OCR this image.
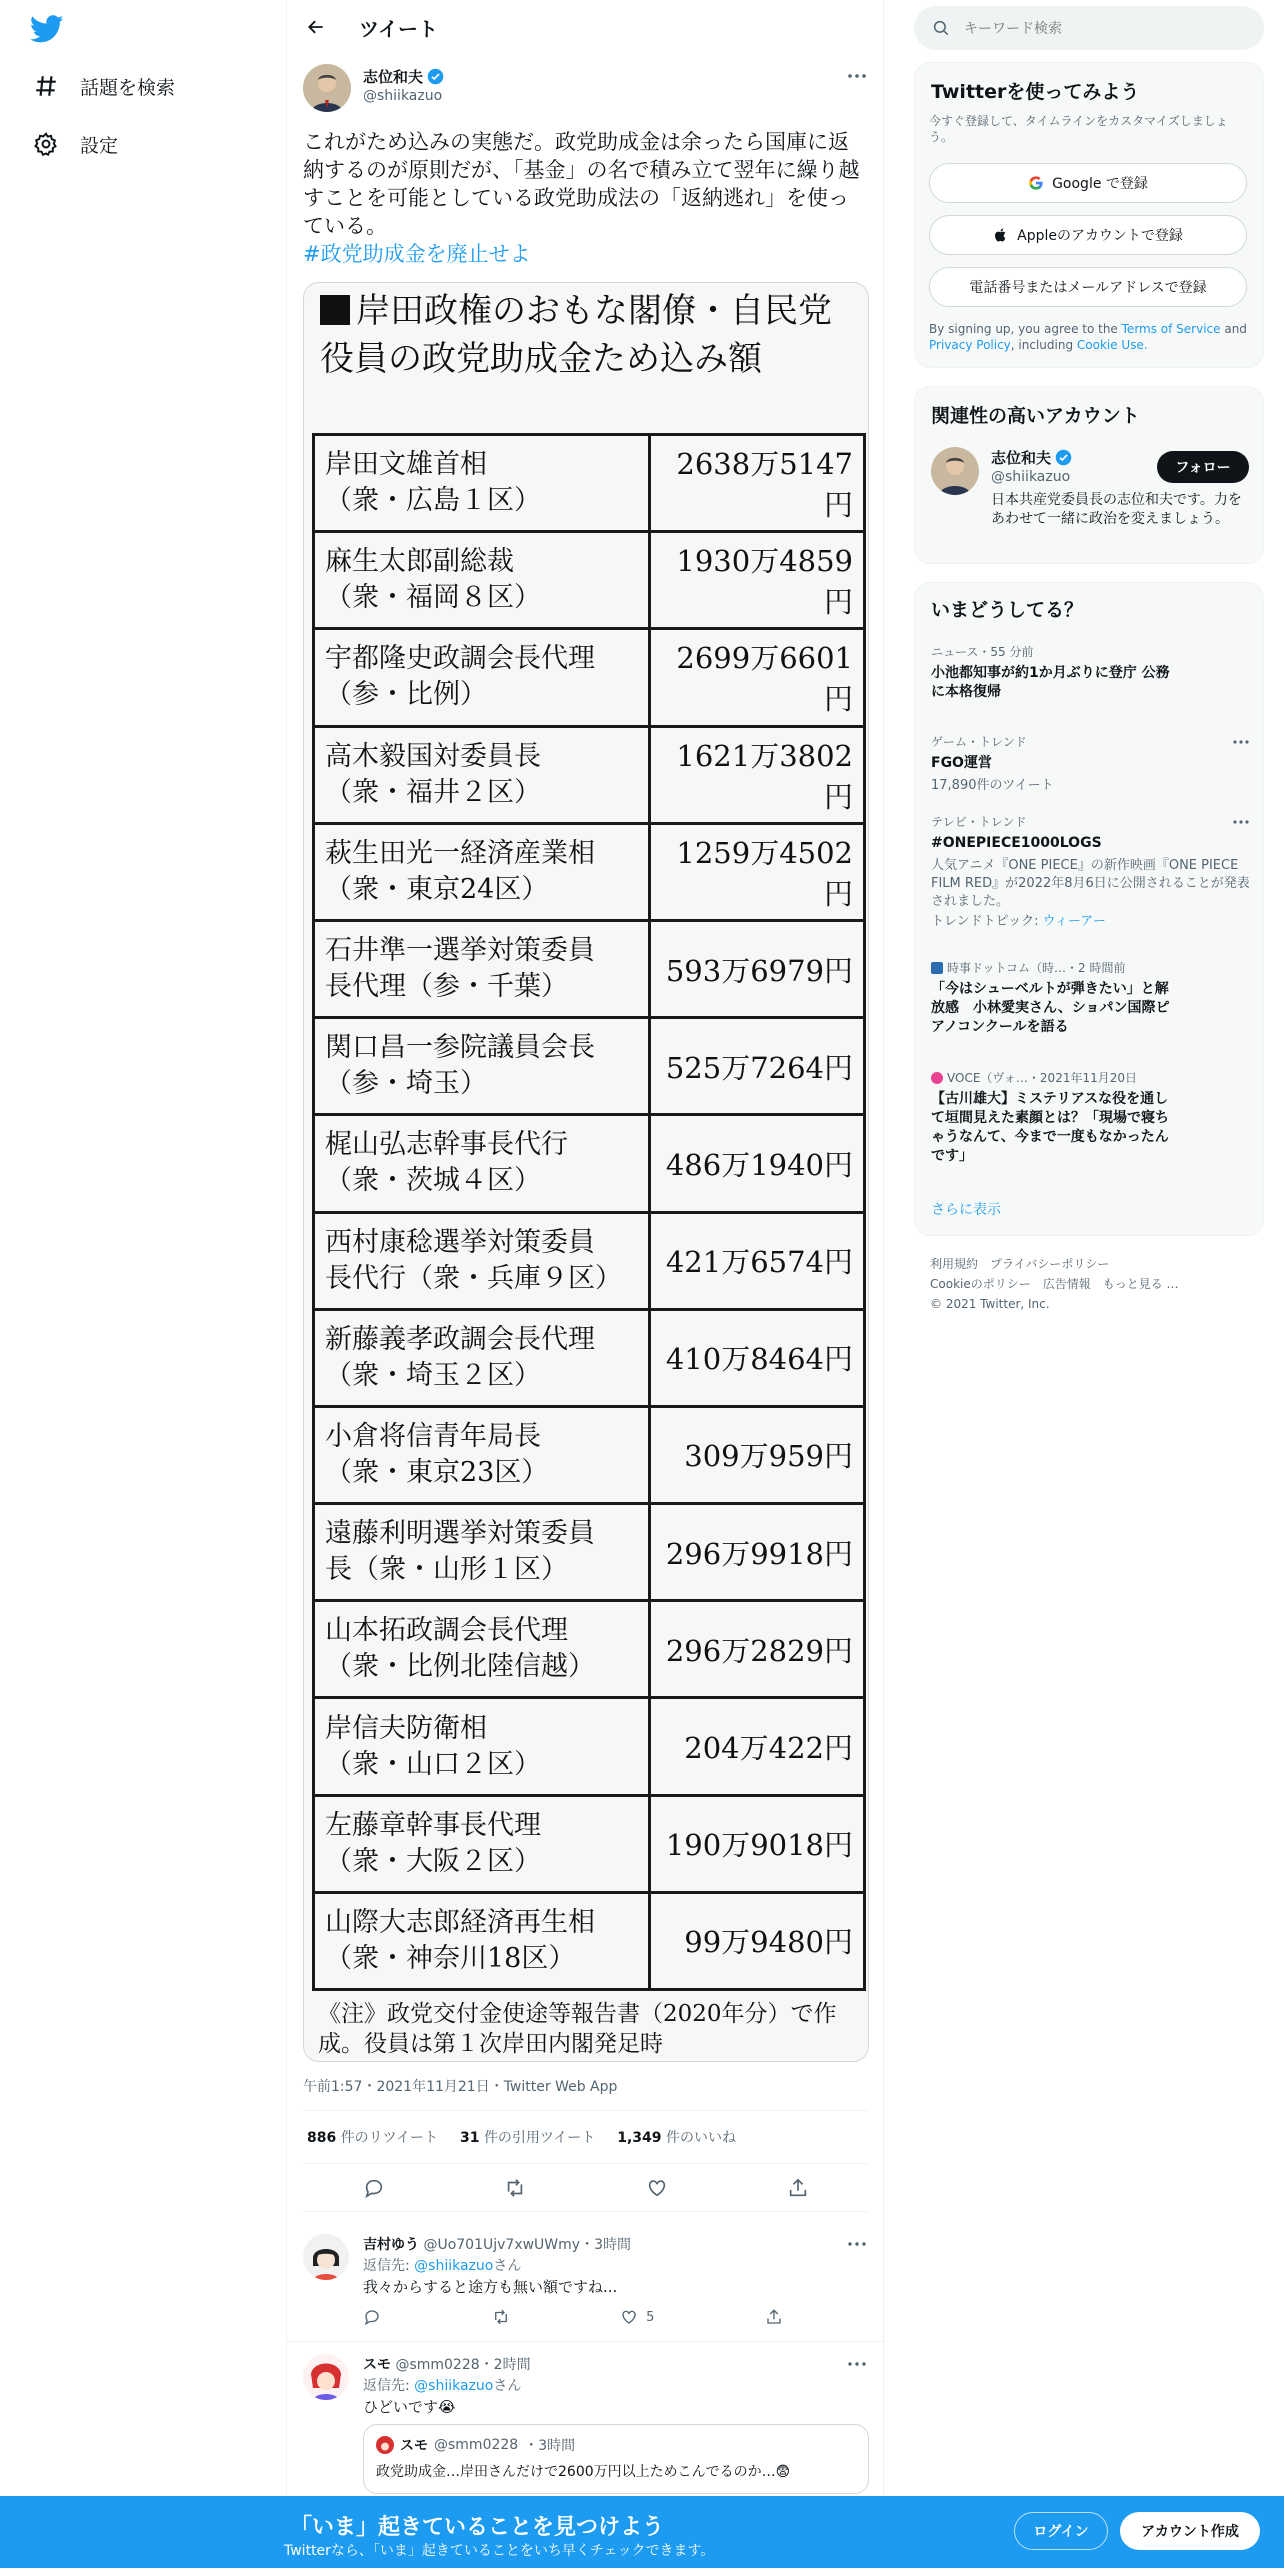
話題を検索
設定
ツイート
志位和夫
@shiikazuo
これがため込みの実態だ。政党助成金は余ったら国庫に返納するのが原則だが、「基金」の名で積み立て翌年に繰り越すことを可能としている政党助成法の「返納逃れ」を使っている。
#政党助成金を廃止せよ
岸田政権のおもな閣僚・自民党役員の政党助成金ため込み額
岸田文雄首相
（衆・広島１区）	2638万5147円

麻生太郎副総裁
（衆・福岡８区）	1930万4859円

宇都隆史政調会長代理
（参・比例）	2699万6601円

高木毅国対委員長
（衆・福井２区）	1621万3802円

萩生田光一経済産業相
（衆・東京24区）	1259万4502円

石井準一選挙対策委員
長代理（参・千葉）	593万6979円

関口昌一参院議員会長
（参・埼玉）	525万7264円

梶山弘志幹事長代行
（衆・茨城４区）	486万1940円

西村康稔選挙対策委員
長代行（衆・兵庫９区）	421万6574円

新藤義孝政調会長代理
（衆・埼玉２区）	410万8464円

小倉将信青年局長
（衆・東京23区）	309万959円

遠藤利明選挙対策委員
長（衆・山形１区）	296万9918円

山本拓政調会長代理
（衆・比例北陸信越）	296万2829円

岸信夫防衛相
（衆・山口２区）	204万422円

左藤章幹事長代理
（衆・大阪２区）	190万9018円

山際大志郎経済再生相
（衆・神奈川18区）	99万9480円
《注》政党交付金使途等報告書（2020年分）で作成。役員は第１次岸田内閣発足時
午前1:57・2021年11月21日・Twitter Web App
886 件のリツイート 31 件の引用ツイート 1,349 件のいいね
吉村ゆう @Uo701Ujv7xwUWmy・3時間
返信先: @shiikazuoさん
我々からすると途方も無い額ですね...
5
スモ @smm0228・2時間
返信先: @shiikazuoさん
ひどいです😭
スモ @smm0228 ・3時間
政党助成金…岸田さんだけで2600万円以上ためこんでるのか…😨
キーワード検索
Twitterを使ってみよう
今すぐ登録して、タイムラインをカスタマイズしましょう。
Google で登録
Appleのアカウントで登録
電話番号またはメールアドレスで登録
By signing up, you agree to the Terms of Service and Privacy Policy, including Cookie Use.
関連性の高いアカウント
志位和夫
@shiikazuo
フォロー
日本共産党委員長の志位和夫です。力をあわせて一緒に政治を変えましょう。
いまどうしてる？
ニュース・55 分前
小池都知事が約1か月ぶりに登庁 公務に本格復帰
ゲーム・トレンド
FGO運営
17,890件のツイート
テレビ・トレンド
#ONEPIECE1000LOGS
人気アニメ『ONE PIECE』の新作映画『ONE PIECE FILM RED』が2022年8月6日に公開されることが発表されました。
トレンドトピック: ウィーアー
時事ドットコム（時…・2 時間前
「今はシューベルトが弾きたい」と解放感　小林愛実さん、ショパン国際ピアノコンクールを語る
VOCE（ヴォ…・2021年11月20日
【古川雄大】ミステリアスな役を通して垣間見えた素顔とは？「現場で寝ちゃうなんて、今まで一度もなかったんです」
さらに表示
利用規約　プライバシーポリシー
Cookieのポリシー　広告情報　もっと見る …
© 2021 Twitter, Inc.
「いま」起きていることを見つけよう
Twitterなら、「いま」起きていることをいち早くチェックできます。
ログイン	アカウント作成
